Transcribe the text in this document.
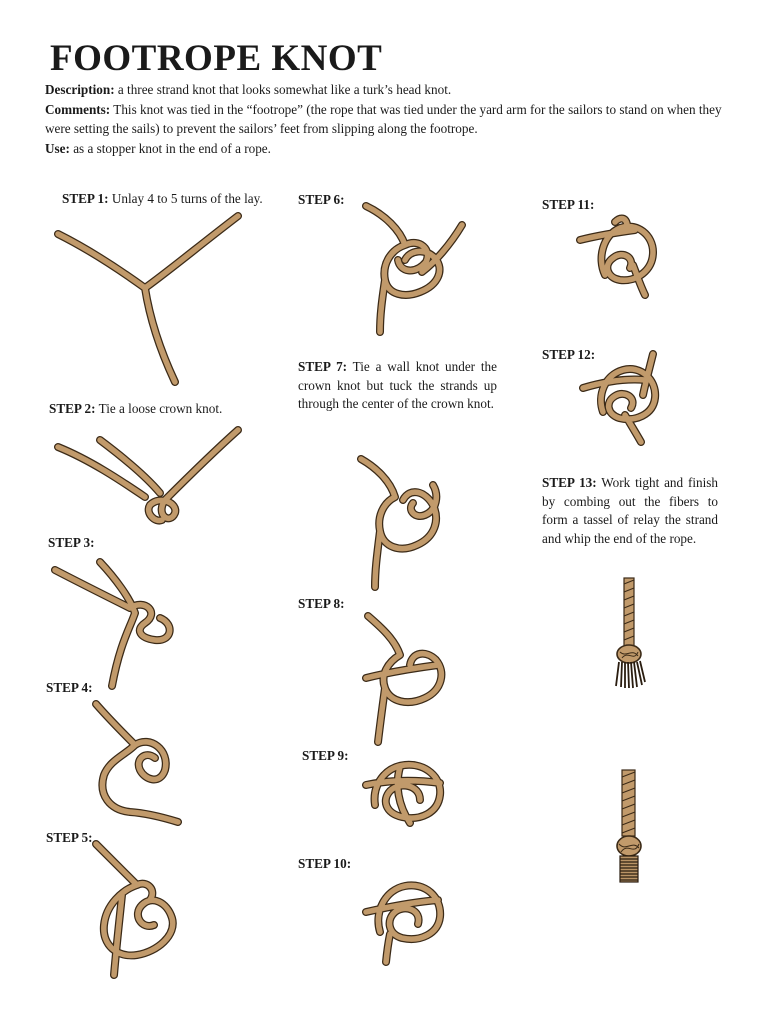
FOOTROPE KNOT
Description: a three strand knot that looks somewhat like a turk’s head knot.
Comments: This knot was tied in the “footrope” (the rope that was tied under the yard arm for the sailors to stand on when they were setting the sails) to prevent the sailors’ feet from slipping along the footrope.
Use: as a stopper knot in the end of a rope.
STEP 1: Unlay 4 to 5 turns of the lay.
STEP 2: Tie a loose crown knot.
STEP 3:
STEP 4:
STEP 5:
STEP 6:
STEP 7: Tie a wall knot under the crown knot but tuck the strands up through the center of the crown knot.
STEP 8:
STEP 9:
STEP 10:
STEP 11:
STEP 12:
STEP 13: Work tight and finish by combing out the fibers to form a tassel of relay the strand and whip the end of the rope.
